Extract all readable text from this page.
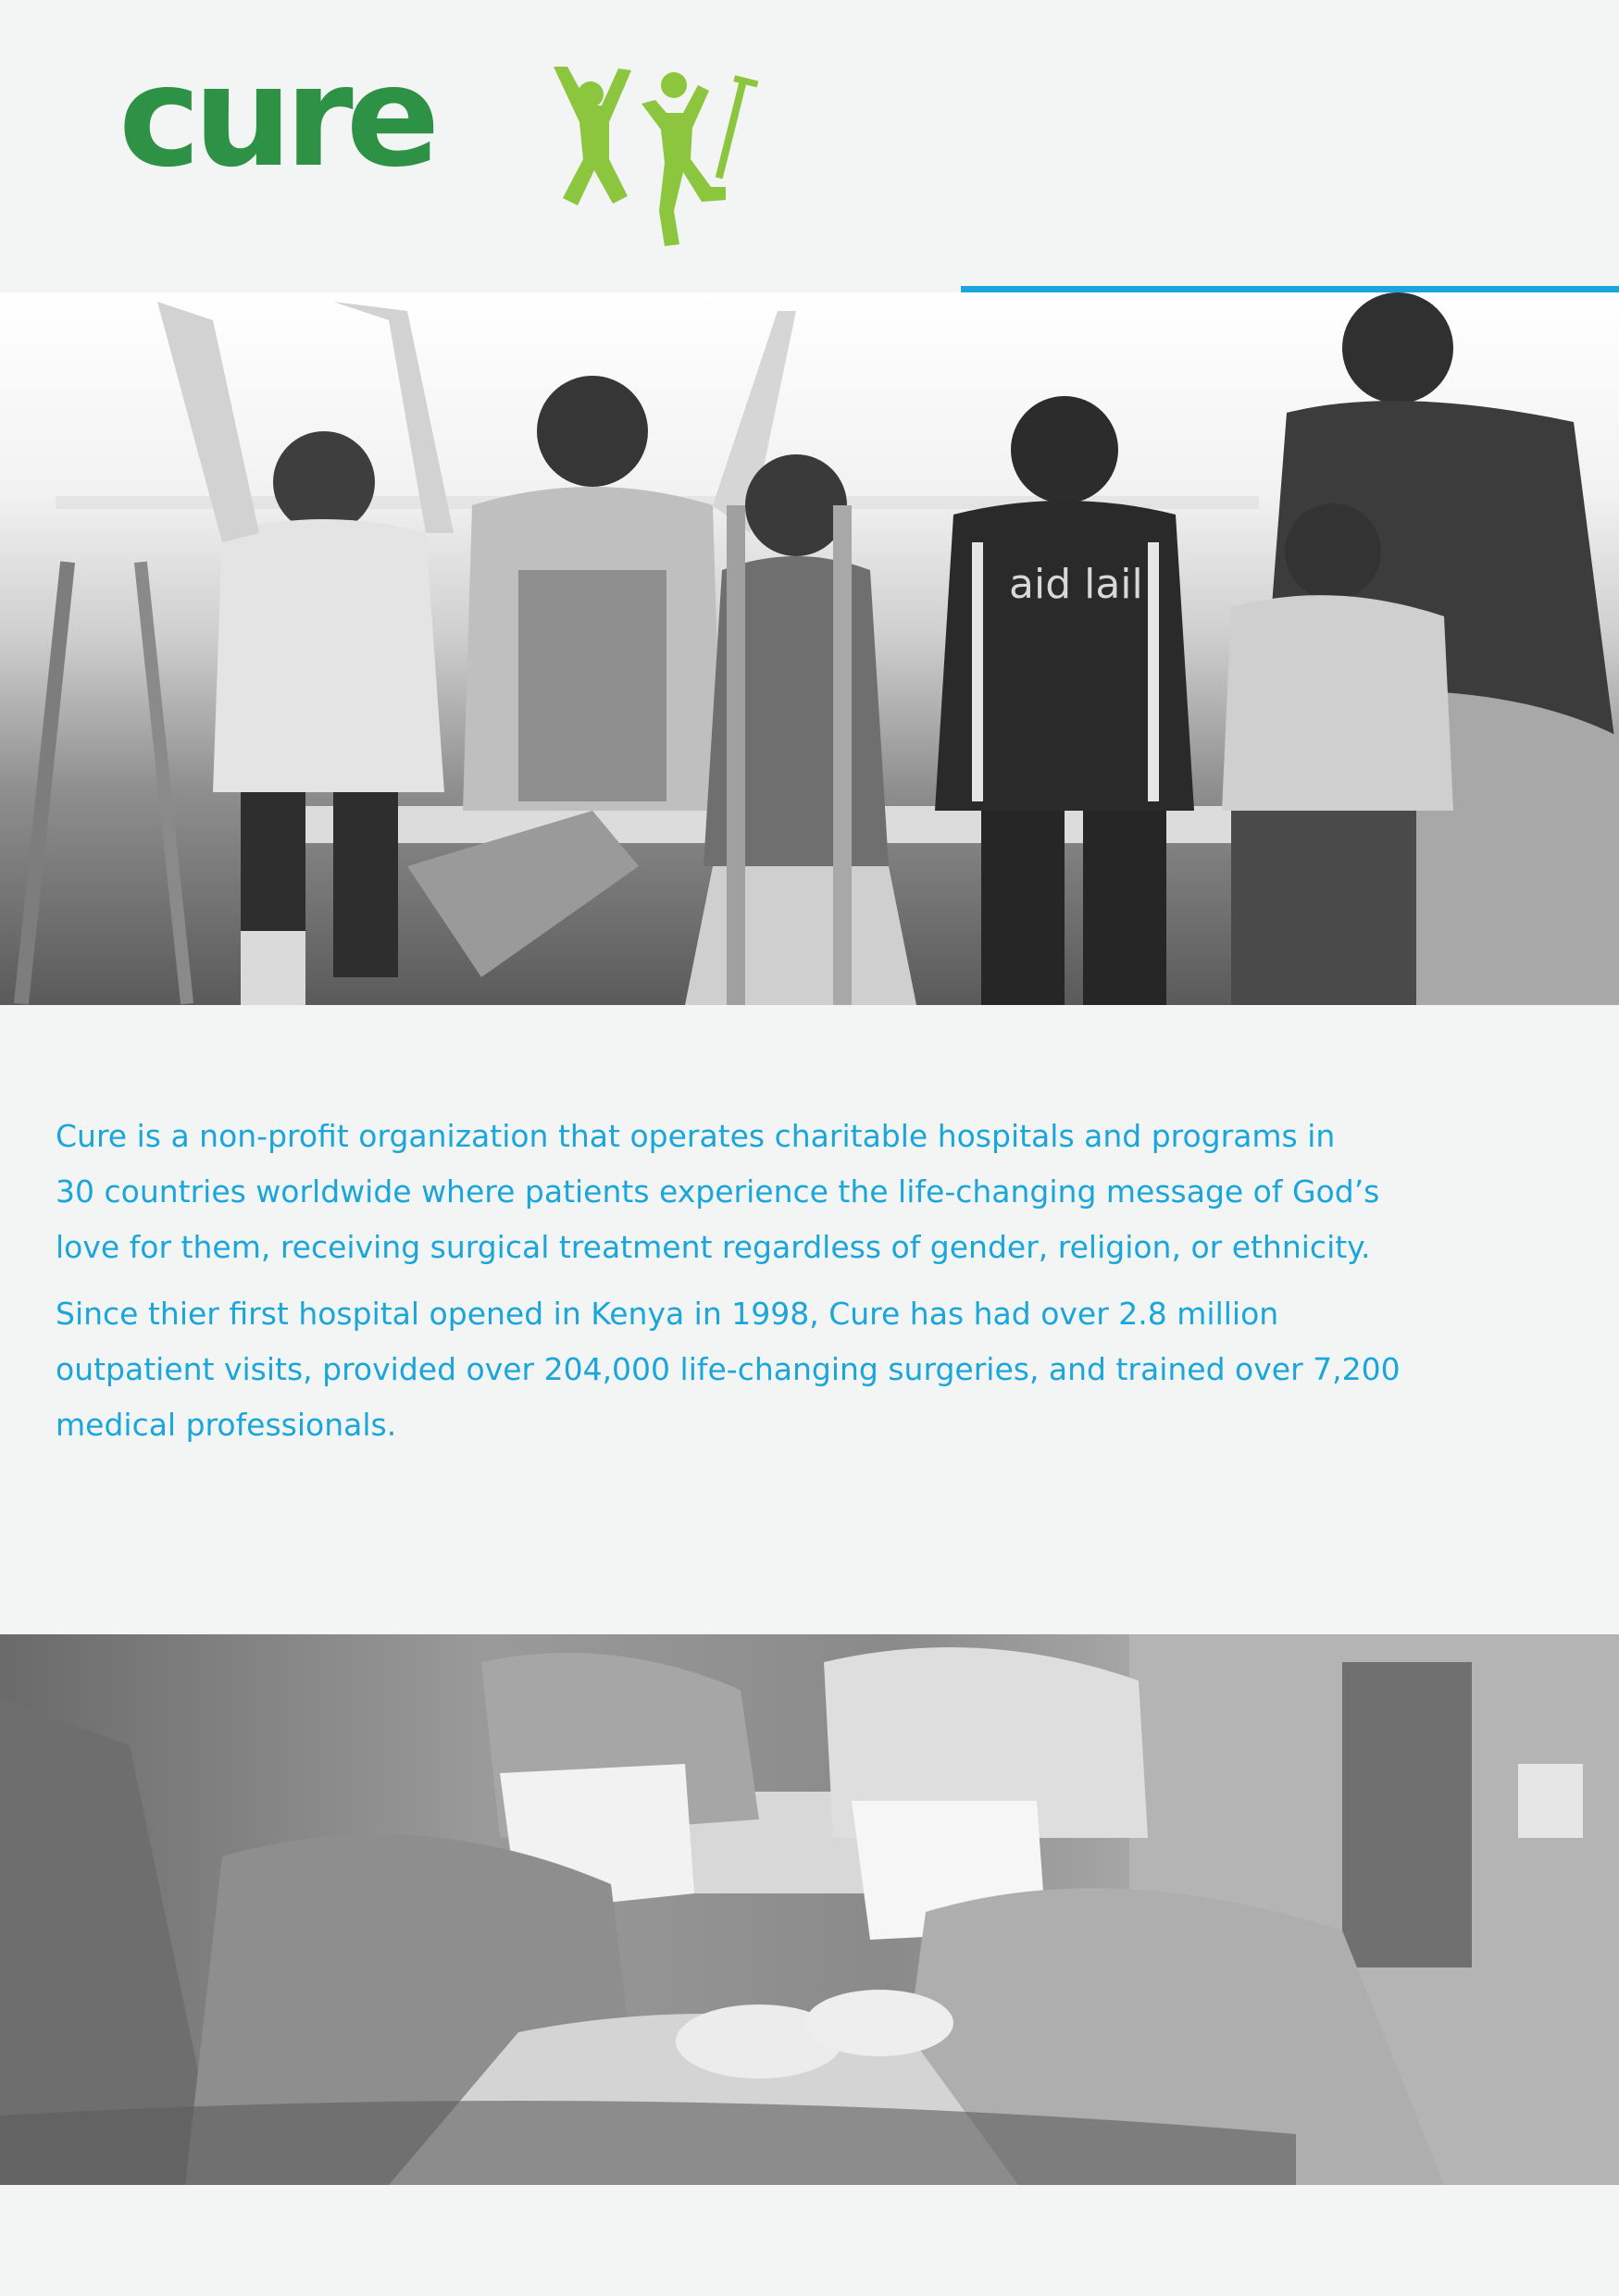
cure
aid lail

Cure is a non-profit organization that operates charitable hospitals and programs in
30 countries worldwide where patients experience the life-changing message of God’s
love for them, receiving surgical treatment regardless of gender, religion, or ethnicity.

Since thier first hospital opened in Kenya in 1998, Cure has had over 2.8 million
outpatient visits, provided over 204,000 life-changing surgeries, and trained over 7,200
medical professionals.
